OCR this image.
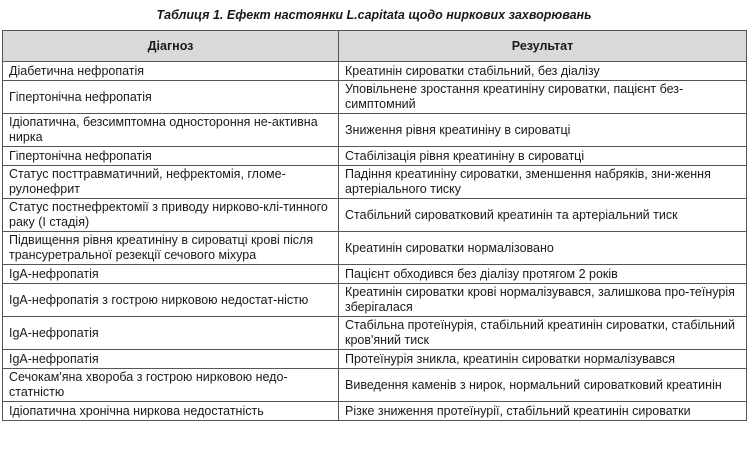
Таблиця 1. Ефект настоянки L.capitata щодо ниркових захворювань
Діагноз	Результат
Діабетична нефропатія	Креатинін сироватки стабільний, без діалізу
Гіпертонічна нефропатія	Уповільнене зростання креатиніну сироватки, пацієнт без-симптомний
Ідіопатична, безсимптомна одностороння не-активна нирка	Зниження рівня креатиніну в сироватці
Гіпертонічна нефропатія	Стабілізація рівня креатиніну в сироватці
Статус посттравматичний, нефректомія, гломе-рулонефрит	Падіння креатиніну сироватки, зменшення набряків, зни-ження артеріального тиску
Статус постнефректомії з приводу нирково-клі-тинного раку (I стадія)	Стабільний сироватковий креатинін та артеріальний тиск
Підвищення рівня креатиніну в сироватці крові після трансуретральної резекції сечового міхура	Креатинін сироватки нормалізовано
IgA-нефропатія	Пацієнт обходився без діалізу протягом 2 років
IgA-нефропатія з гострою нирковою недостат-ністю	Креатинін сироватки крові нормалізувався, залишкова про-теїнурія зберігалася
IgA-нефропатія	Стабільна протеїнурія, стабільний креатинін сироватки, стабільний кров'яний тиск
IgA-нефропатія	Протеїнурія зникла, креатинін сироватки нормалізувався
Сечокам'яна хвороба з гострою нирковою недо-статністю	Виведення каменів з нирок, нормальний сироватковий креатинін
Ідіопатична хронічна ниркова недостатність	Різке зниження протеїнурії, стабільний креатинін сироватки
